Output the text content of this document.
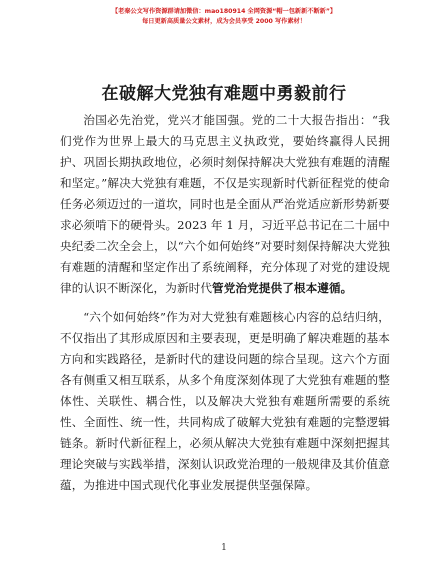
【老秦公文写作资源群请加微信：mao180914 全网资源“帽一包新新不断新”】
每日更新高质量公文素材，成为会员享受 2000 写作素材！
在破解大党独有难题中勇毅前行

治国必先治党，党兴才能国强。党的二十大报告指出：“我们党作为世界上最大的马克思主义执政党，要始终赢得人民拥护、巩固长期执政地位，必须时刻保持解决大党独有难题的清醒和坚定。”解决大党独有难题，不仅是实现新时代新征程党的使命任务必须迈过的一道坎，同时也是全面从严治党适应新形势新要求必须啃下的硬骨头。2023 年 1 月，习近平总书记在二十届中央纪委二次全会上，以“六个如何始终”对要时刻保持解决大党独有难题的清醒和坚定作出了系统阐释，充分体现了对党的建设规律的认识不断深化，为新时代管党治党提供了根本遵循。

“六个如何始终”作为对大党独有难题核心内容的总结归纳，不仅指出了其形成原因和主要表现，更是明确了解决难题的基本方向和实践路径，是新时代的建设问题的综合呈现。这六个方面各有侧重又相互联系，从多个角度深刻体现了大党独有难题的整体性、关联性、耦合性，以及解决大党独有难题所需要的系统性、全面性、统一性，共同构成了破解大党独有难题的完整逻辑链条。新时代新征程上，必须从解决大党独有难题中深刻把握其理论突破与实践举措，深刻认识政党治理的一般规律及其价值意蕴，为推进中国式现代化事业发展提供坚强保障。

1
